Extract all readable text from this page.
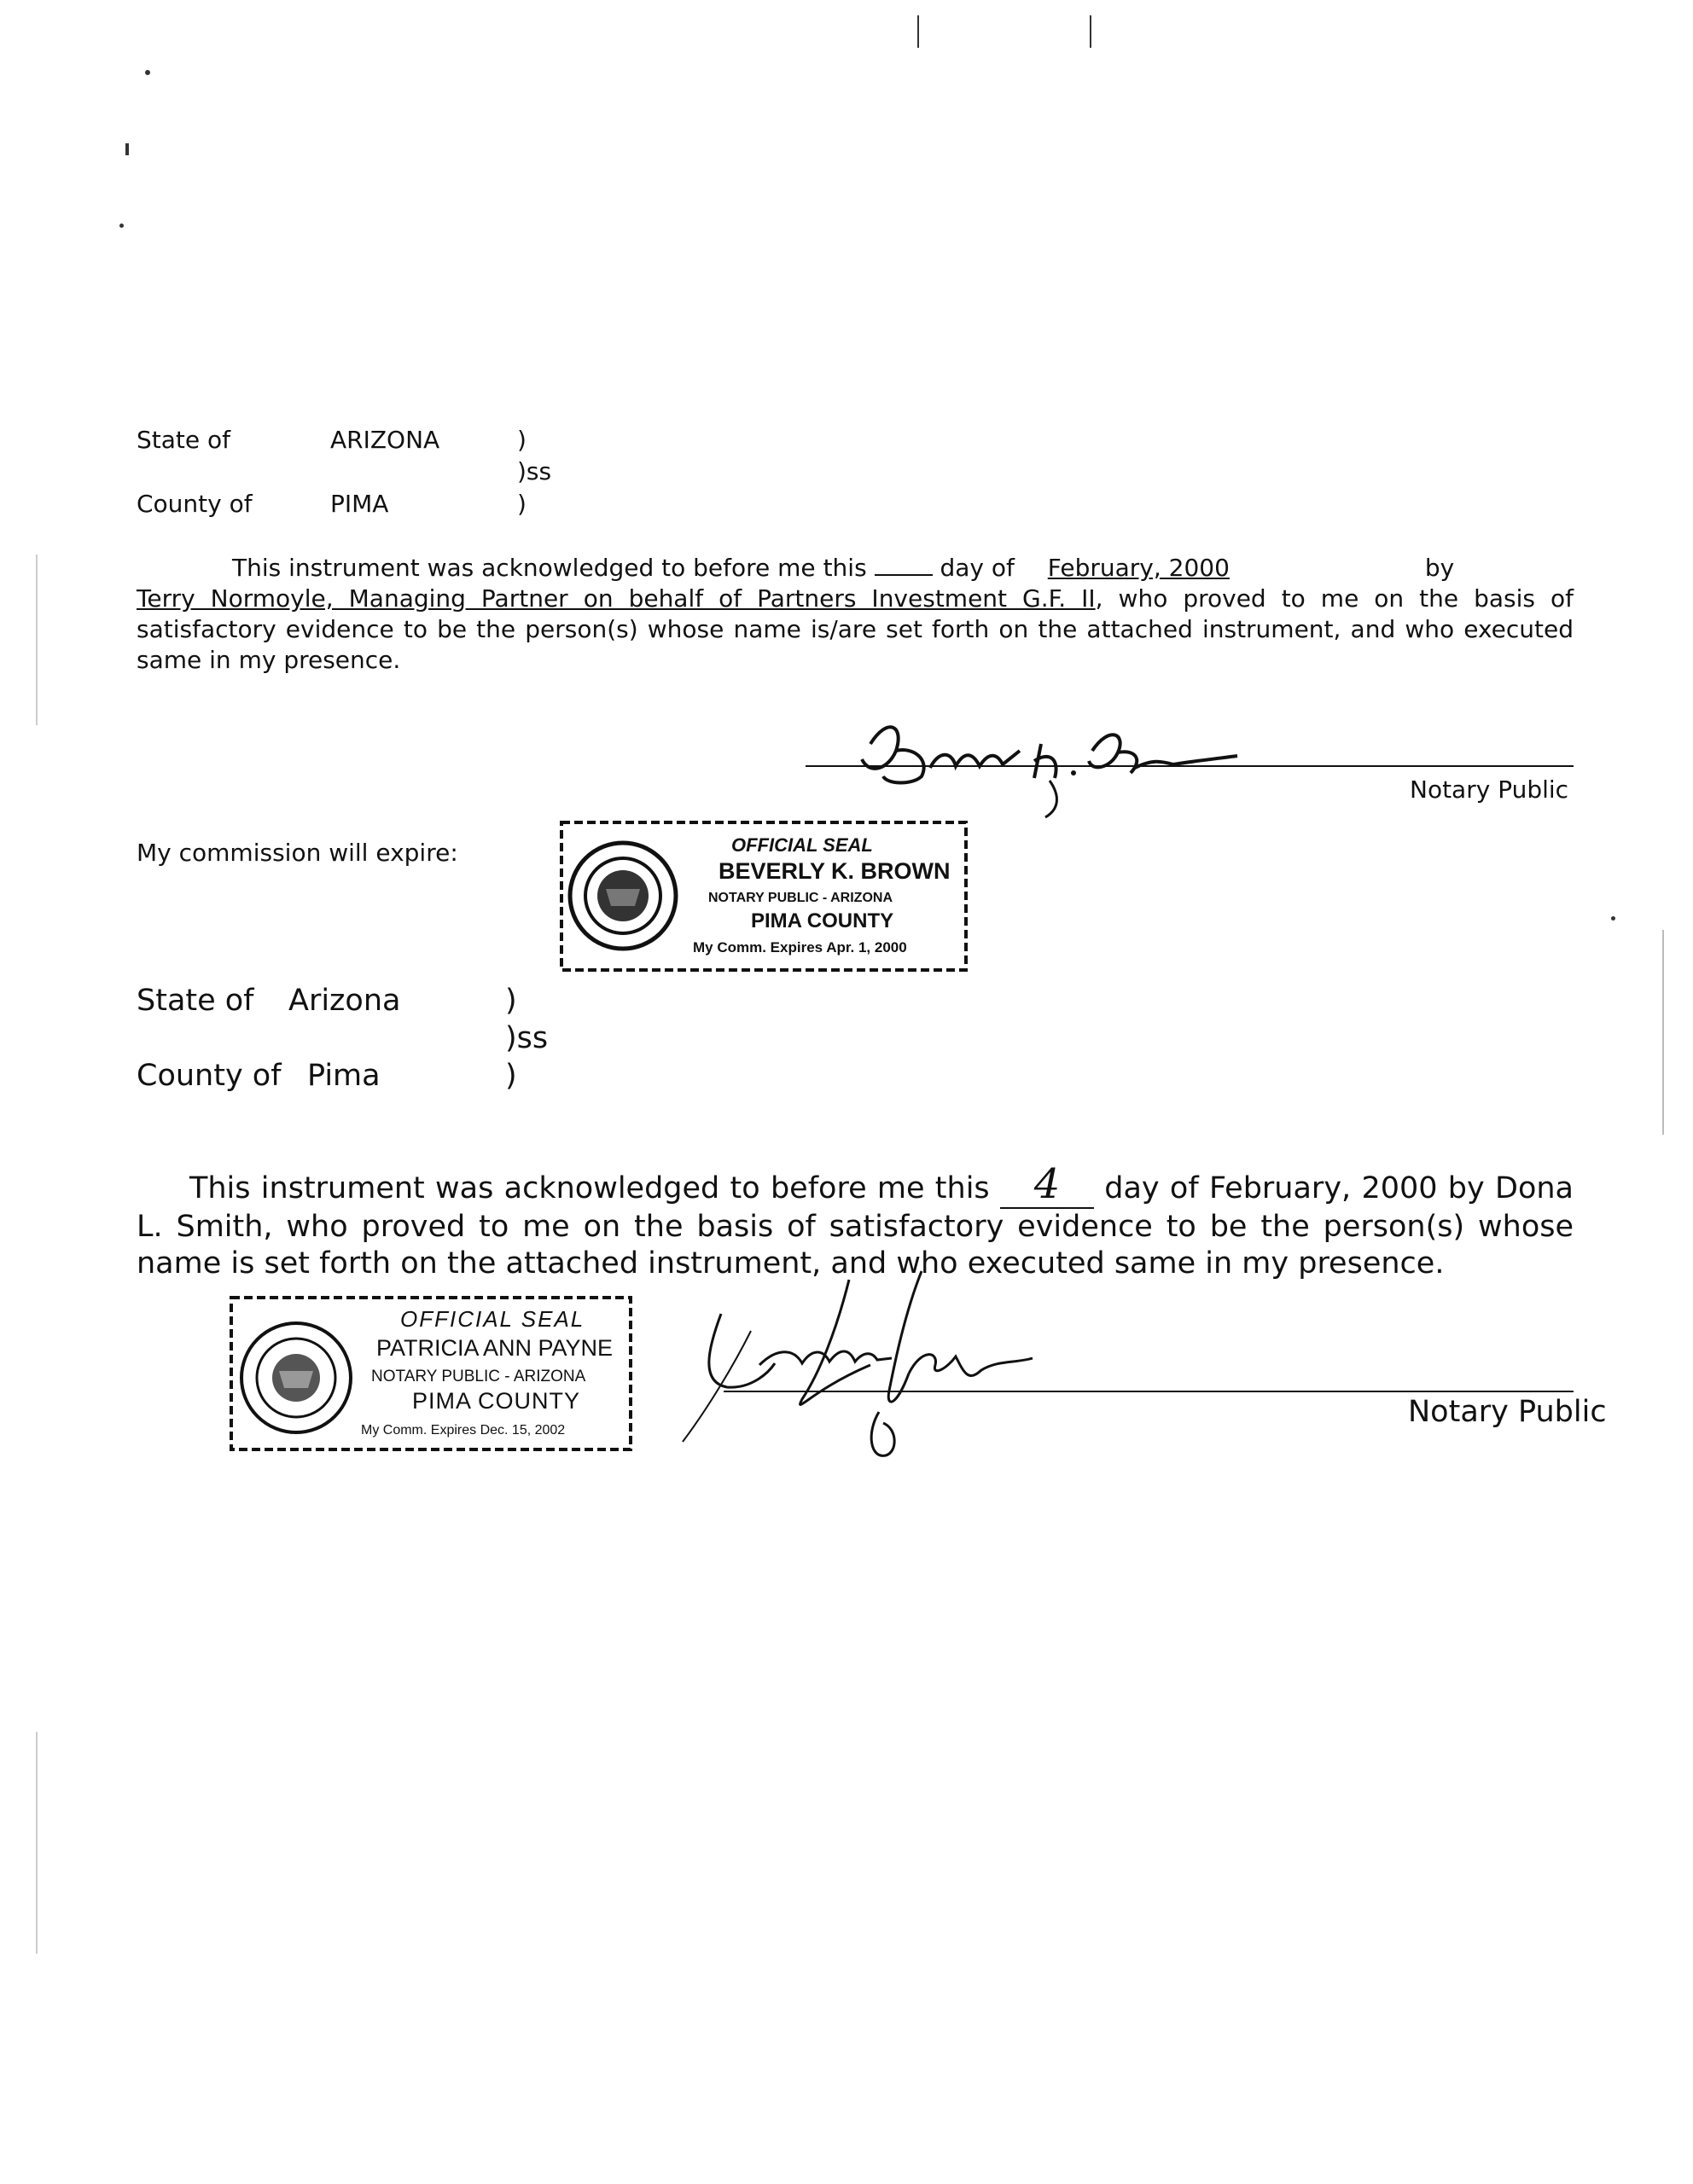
State of	ARIZONA	)
)ss
County of	PIMA	)
This instrument was acknowledged to before me this	day of February, 2000	by
Terry Normoyle, Managing Partner on behalf of Partners Investment G.F. II, who proved to me on the basis of satisfactory evidence to be the person(s) whose name is/are set forth on the attached instrument, and who executed same in my presence.
Notary Public
My commission will expire:	OFFICIAL SEAL
BEVERLY K. BROWN
NOTARY PUBLIC - ARIZONA
PIMA COUNTY
My Comm. Expires Apr. 1, 2000
State of Arizona	)
)ss
County of Pima	)
This instrument was acknowledged to before me this 4 day of February, 2000 by Dona L. Smith, who proved to me on the basis of satisfactory evidence to be the person(s) whose name is set forth on the attached instrument, and who executed same in my presence.
OFFICIAL SEAL
PATRICIA ANN PAYNE
NOTARY PUBLIC - ARIZONA
PIMA COUNTY
My Comm. Expires Dec. 15, 2002
Notary Public
